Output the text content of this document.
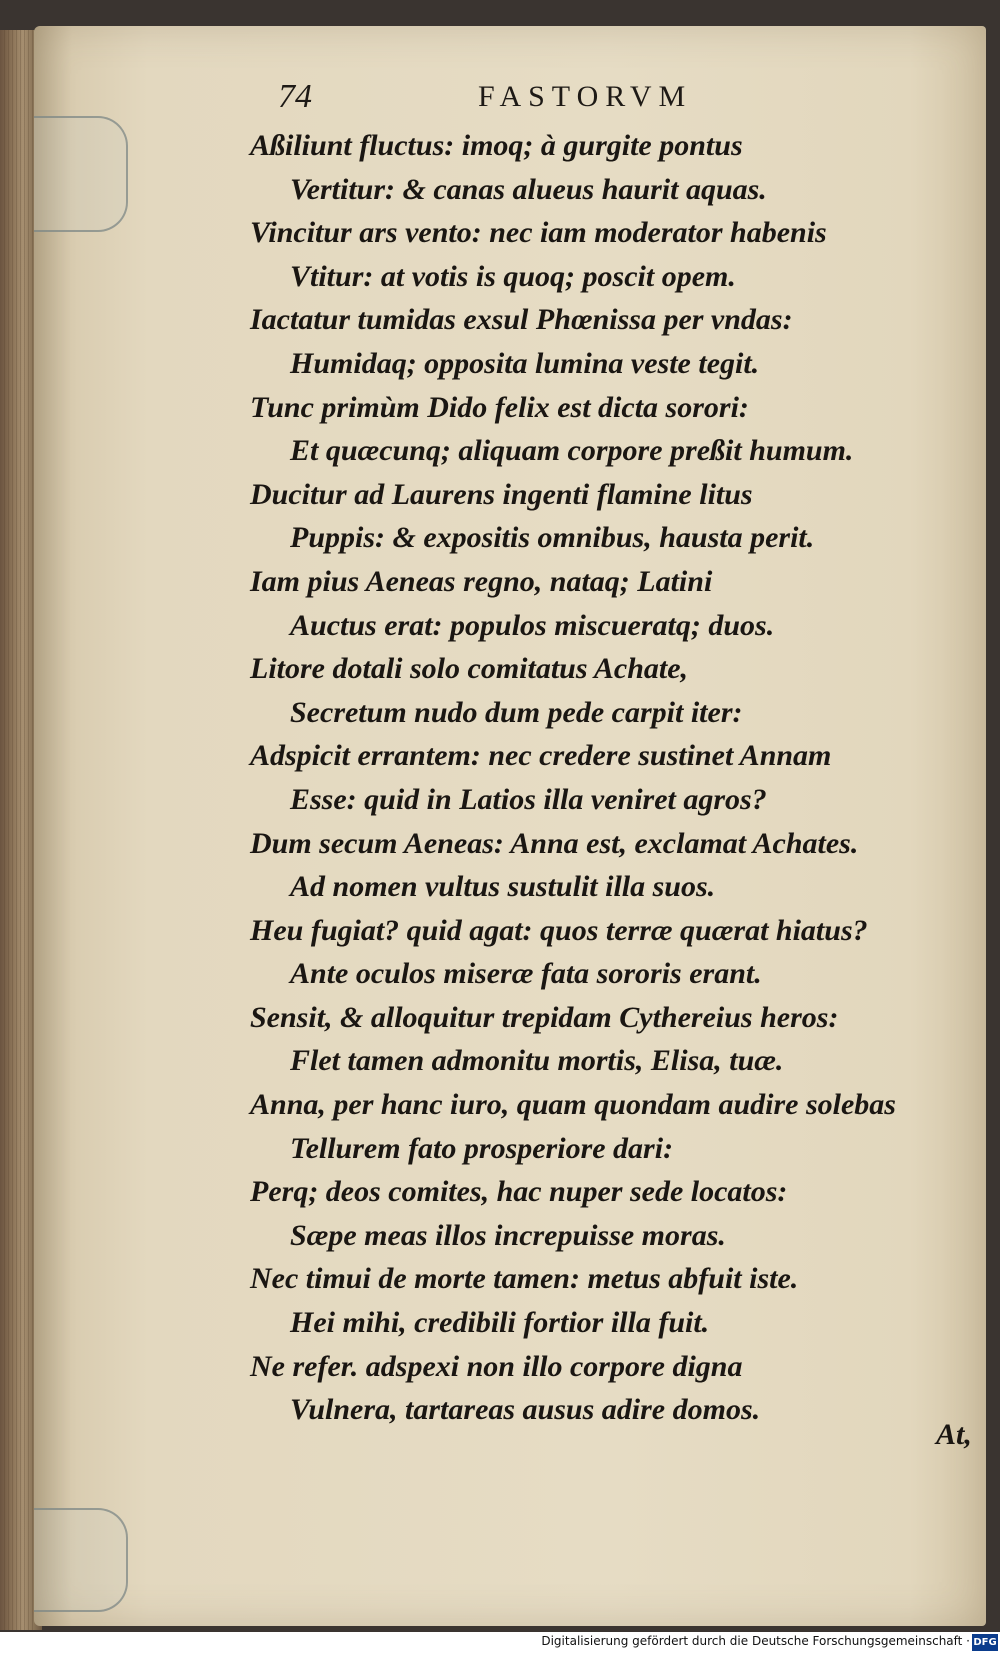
74	FASTORVM
Aßiliunt fluctus: imoq; à gurgite pontus
Vertitur: & canas alueus haurit aquas.
Vincitur ars vento: nec iam moderator habenis
Vtitur: at votis is quoq; poscit opem.
Iactatur tumidas exsul Phœnissa per vndas:
Humidaq; opposita lumina veste tegit.
Tunc primùm Dido felix est dicta sorori:
Et quæcunq; aliquam corpore preßit humum.
Ducitur ad Laurens ingenti flamine litus
Puppis: & expositis omnibus, hausta perit.
Iam pius Aeneas regno, nataq; Latini
Auctus erat: populos miscueratq; duos.
Litore dotali solo comitatus Achate,
Secretum nudo dum pede carpit iter:
Adspicit errantem: nec credere sustinet Annam
Esse: quid in Latios illa veniret agros?
Dum secum Aeneas: Anna est, exclamat Achates.
Ad nomen vultus sustulit illa suos.
Heu fugiat? quid agat: quos terræ quærat hiatus?
Ante oculos miseræ fata sororis erant.
Sensit, & alloquitur trepidam Cythereius heros:
Flet tamen admonitu mortis, Elisa, tuæ.
Anna, per hanc iuro, quam quondam audire solebas
Tellurem fato prosperiore dari:
Perq; deos comites, hac nuper sede locatos:
Sæpe meas illos increpuisse moras.
Nec timui de morte tamen: metus abfuit iste.
Hei mihi, credibili fortior illa fuit.
Ne refer. adspexi non illo corpore digna
Vulnera, tartareas ausus adire domos.
At,
Digitalisierung gefördert durch die Deutsche Forschungsgemeinschaft · DFG
